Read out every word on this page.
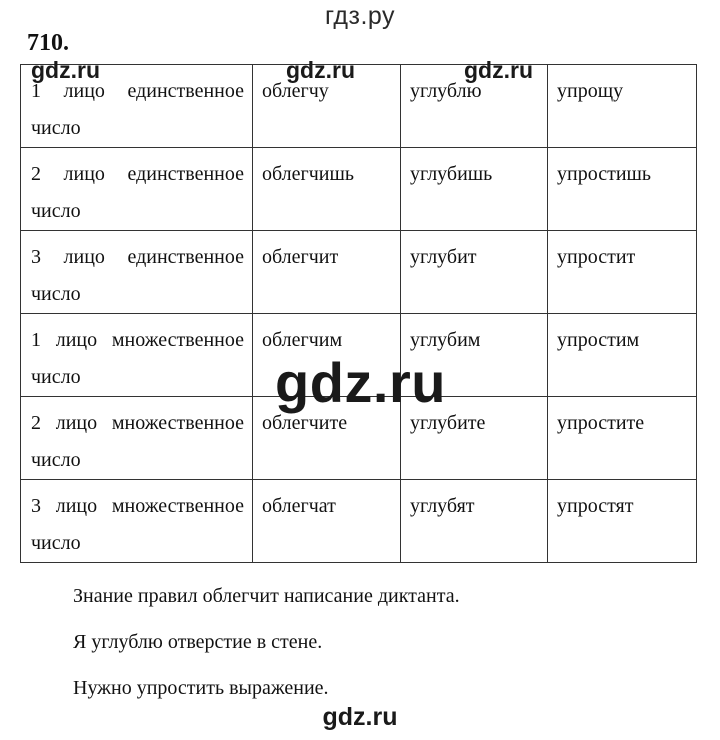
гдз.ру
710.
1 лицо единственное число	облегчу	углублю	упрощу

2 лицо единственное число	облегчишь	углубишь	упростишь

3 лицо единственное число	облегчит	углубит	упростит

1 лицо множественное число	облегчим	углубим	упростим

2 лицо множественное число	облегчите	углубите	упростите

3 лицо множественное число	облегчат	углубят	упростят
gdz.ru	gdz.ru	gdz.ru
gdz.ru
Знание правил облегчит написание диктанта.
Я углублю отверстие в стене.
Нужно упростить выражение.
gdz.ru
